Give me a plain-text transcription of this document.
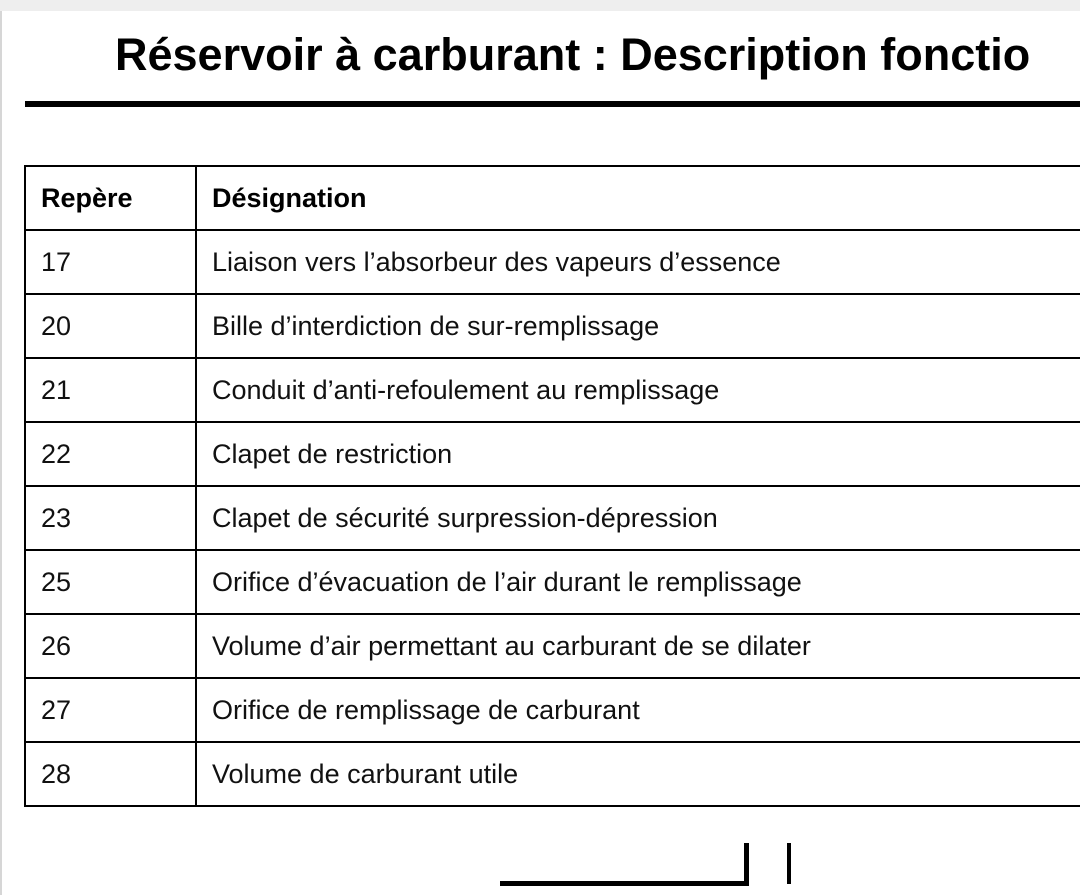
Réservoir à carburant : Description fonctio
Repère	Désignation
17	Liaison vers l’absorbeur des vapeurs d’essence
20	Bille d’interdiction de sur-remplissage
21	Conduit d’anti-refoulement au remplissage
22	Clapet de restriction
23	Clapet de sécurité surpression-dépression
25	Orifice d’évacuation de l’air durant le remplissage
26	Volume d’air permettant au carburant de se dilater
27	Orifice de remplissage de carburant
28	Volume de carburant utile
